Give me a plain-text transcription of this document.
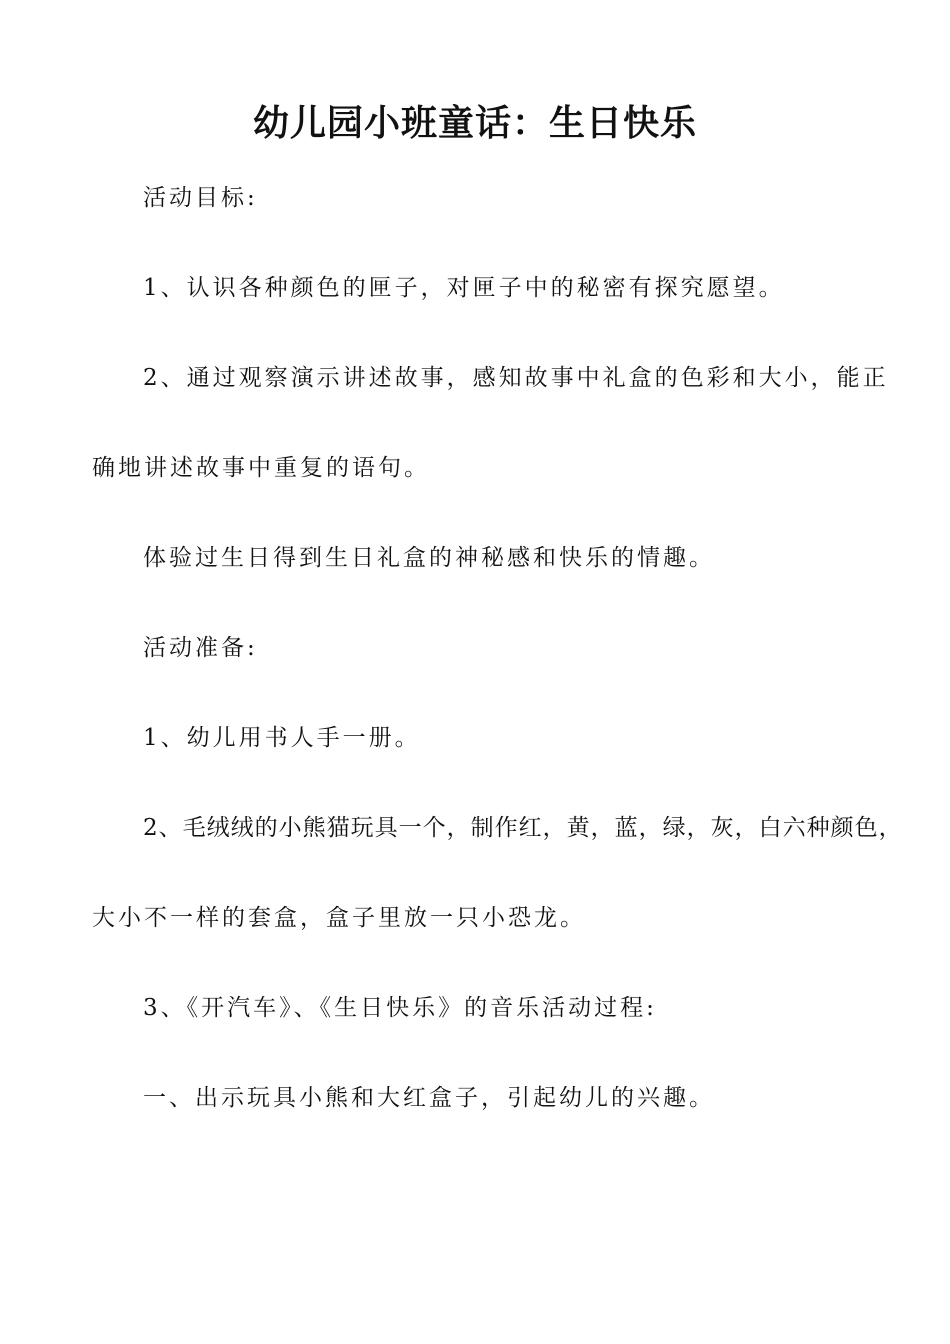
幼儿园小班童话：生日快乐

活动目标:

1、认识各种颜色的匣子，对匣子中的秘密有探究愿望。

2、通过观察演示讲述故事，感知故事中礼盒的色彩和大小，能正

确地讲述故事中重复的语句。

体验过生日得到生日礼盒的神秘感和快乐的情趣。

活动准备:

1、幼儿用书人手一册。

2、毛绒绒的小熊猫玩具一个，制作红，黄，蓝，绿，灰，白六种颜色，

大小不一样的套盒，盒子里放一只小恐龙。

3、《开汽车》、《生日快乐》的音乐活动过程:

一、出示玩具小熊和大红盒子，引起幼儿的兴趣。
